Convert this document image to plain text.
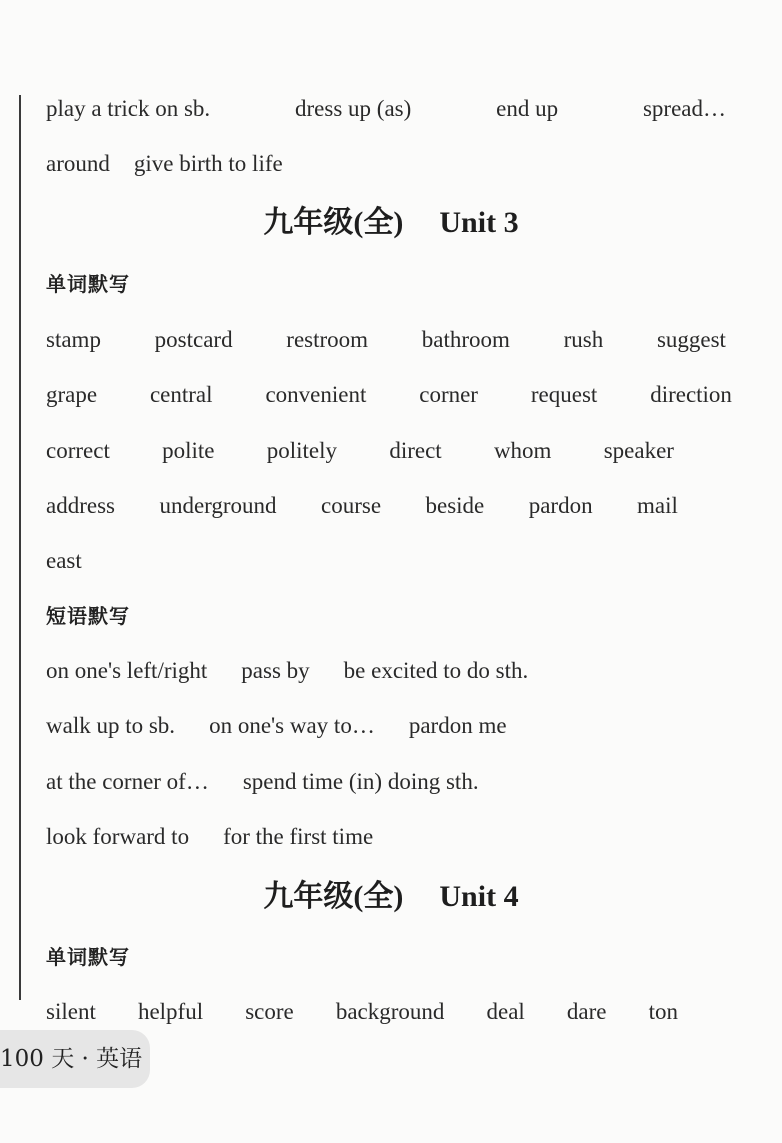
play a trick on sb.	dress up (as)	end up	spread…
around give birth to life
九年级(全) Unit 3
单词默写
stamp postcard restroom bathroom rush suggest
grape central convenient corner request direction
correct polite politely direct whom speaker
address underground course beside pardon mail
east
短语默写
on one's left/right pass by be excited to do sth.
walk up to sb. on one's way to… pardon me
at the corner of… spend time (in) doing sth.
look forward to for the first time
九年级(全) Unit 4
单词默写
silent helpful score background deal dare ton
100 天 · 英语
